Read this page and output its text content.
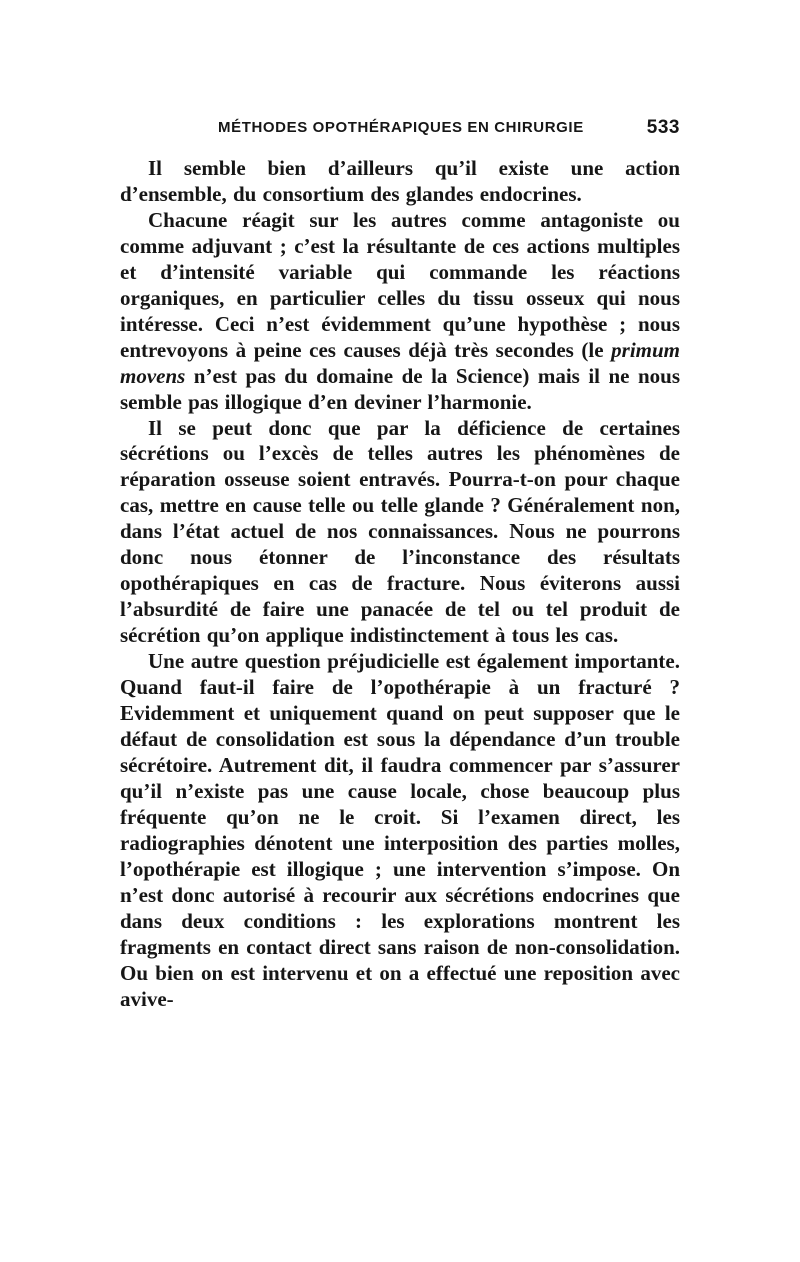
MÉTHODES OPOTHÉRAPIQUES EN CHIRURGIE	533

Il semble bien d’ailleurs qu’il existe une action d’ensemble, du consortium des glandes endocrines.

Chacune réagit sur les autres comme antagoniste ou comme adjuvant ; c’est la résultante de ces actions multiples et d’intensité variable qui commande les réactions organiques, en particulier celles du tissu osseux qui nous intéresse. Ceci n’est évidemment qu’une hypothèse ; nous entrevoyons à peine ces causes déjà très secondes (le primum movens n’est pas du domaine de la Science) mais il ne nous semble pas illogique d’en deviner l’harmonie.

Il se peut donc que par la déficience de certaines sécrétions ou l’excès de telles autres les phénomènes de réparation osseuse soient entravés. Pourra-t-on pour chaque cas, mettre en cause telle ou telle glande ? Généralement non, dans l’état actuel de nos connaissances. Nous ne pourrons donc nous étonner de l’inconstance des résultats opothérapiques en cas de fracture. Nous éviterons aussi l’absurdité de faire une panacée de tel ou tel produit de sécrétion qu’on applique indistinctement à tous les cas.

Une autre question préjudicielle est également importante. Quand faut-il faire de l’opothérapie à un fracturé ? Evidemment et uniquement quand on peut supposer que le défaut de consolidation est sous la dépendance d’un trouble sécrétoire. Autrement dit, il faudra commencer par s’assurer qu’il n’existe pas une cause locale, chose beaucoup plus fréquente qu’on ne le croit. Si l’examen direct, les radiographies dénotent une interposition des parties molles, l’opothérapie est illogique ; une intervention s’impose. On n’est donc autorisé à recourir aux sécrétions endocrines que dans deux conditions : les explorations montrent les fragments en contact direct sans raison de non-consolidation. Ou bien on est intervenu et on a effectué une reposition avec avive-
